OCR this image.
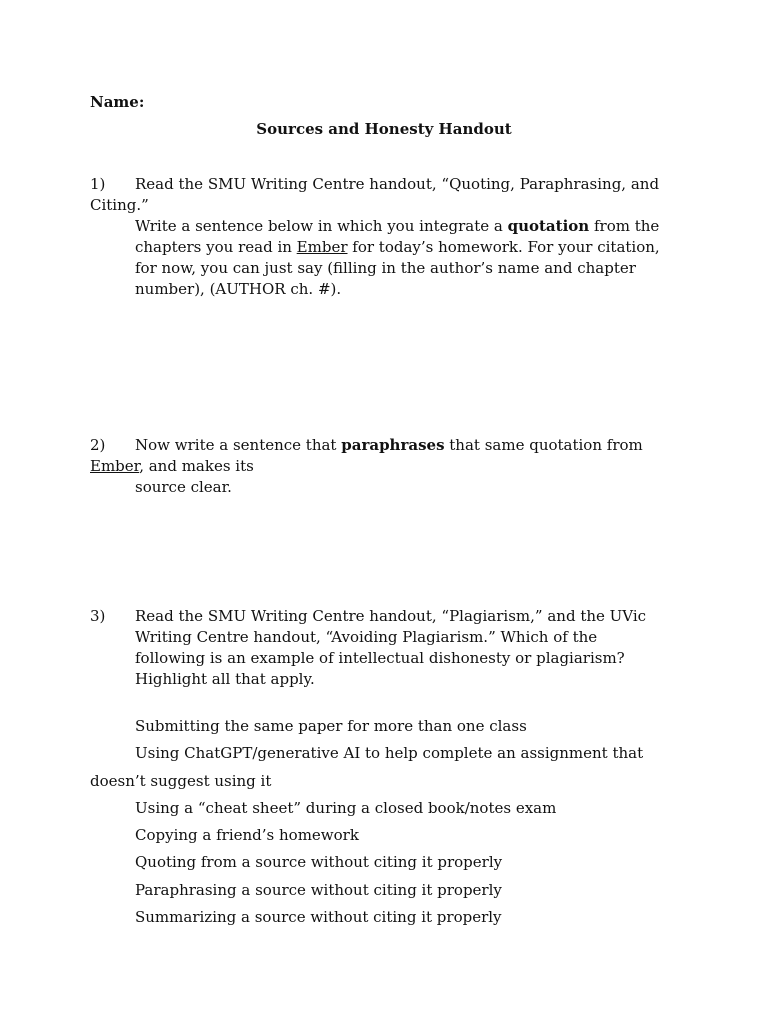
Name:
Sources and Honesty Handout
1) Read the SMU Writing Centre handout, “Quoting, Paraphrasing, and
Citing.”
Write a sentence below in which you integrate a quotation from the
chapters you read in Ember for today’s homework. For your citation,
for now, you can just say (filling in the author’s name and chapter
number), (AUTHOR ch. #).
2) Now write a sentence that paraphrases that same quotation from
Ember, and makes its
source clear.
3) Read the SMU Writing Centre handout, “Plagiarism,” and the UVic
Writing Centre handout, “Avoiding Plagiarism.” Which of the
following is an example of intellectual dishonesty or plagiarism?
Highlight all that apply.
Submitting the same paper for more than one class
Using ChatGPT/generative AI to help complete an assignment that
doesn’t suggest using it
Using a “cheat sheet” during a closed book/notes exam
Copying a friend’s homework
Quoting from a source without citing it properly
Paraphrasing a source without citing it properly
Summarizing a source without citing it properly
